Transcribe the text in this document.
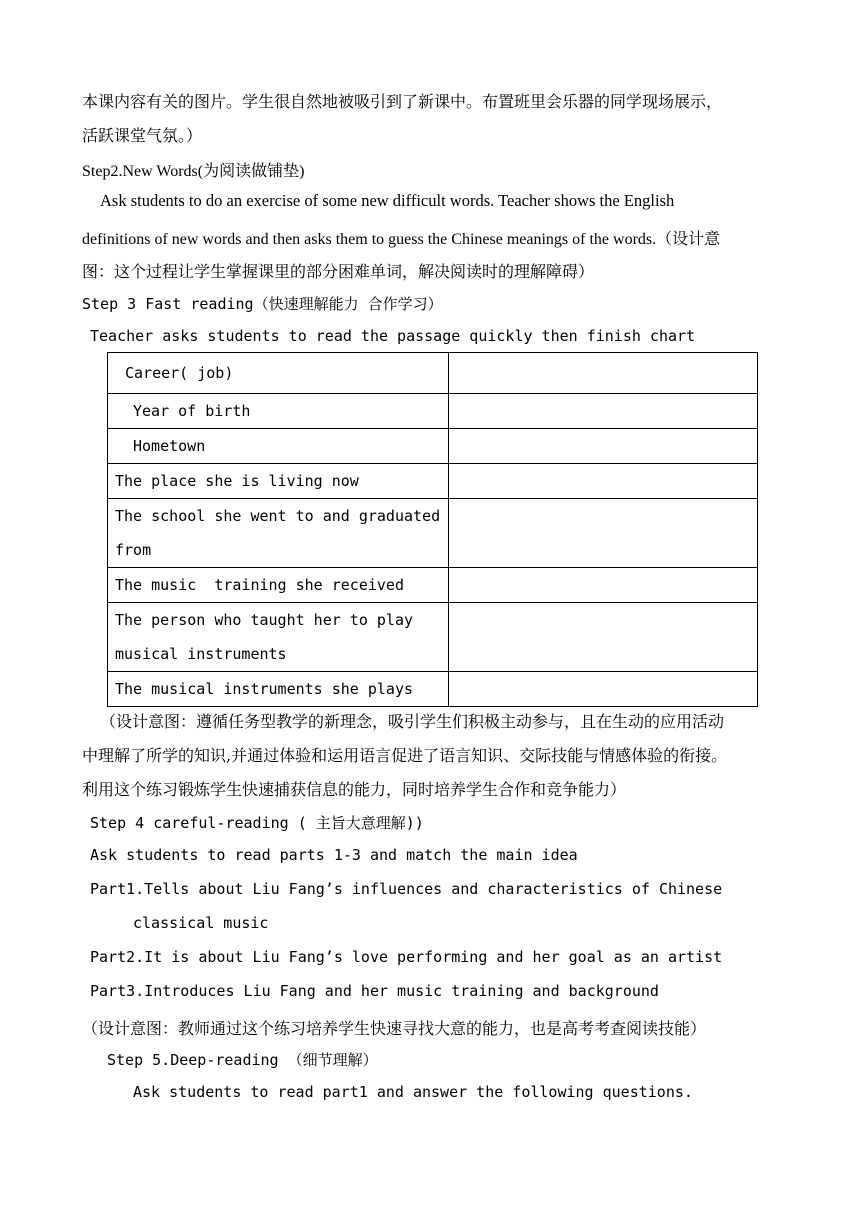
本课内容有关的图片。学生很自然地被吸引到了新课中。布置班里会乐器的同学现场展示，
活跃课堂气氛。）
Step2.New Words(为阅读做铺垫)
Ask students to do an exercise of some new difficult words. Teacher shows the English
definitions of new words and then asks them to guess the Chinese meanings of the words.（设计意
图：这个过程让学生掌握课里的部分困难单词，解决阅读时的理解障碍）
Step 3 Fast reading（快速理解能力 合作学习）
Teacher asks students to read the passage quickly then finish chart
Career( job)	

Year of birth	

Hometown	

The place she is living now	

The school she went to and graduated from	

The music  training she received	

The person who taught her to play musical instruments	

The musical instruments she plays	

（设计意图：遵循任务型教学的新理念，吸引学生们积极主动参与，且在生动的应用活动
中理解了所学的知识,并通过体验和运用语言促进了语言知识、交际技能与情感体验的衔接。
利用这个练习锻炼学生快速捕获信息的能力，同时培养学生合作和竞争能力）
Step 4 careful-reading ( 主旨大意理解))
Ask students to read parts 1-3 and match the main idea
Part1.Tells about Liu Fang’s influences and characteristics of Chinese
classical music
Part2.It is about Liu Fang’s love performing and her goal as an artist
Part3.Introduces Liu Fang and her music training and background
（设计意图：教师通过这个练习培养学生快速寻找大意的能力，也是高考考查阅读技能）
Step 5.Deep-reading （细节理解）
Ask students to read part1 and answer the following questions.
